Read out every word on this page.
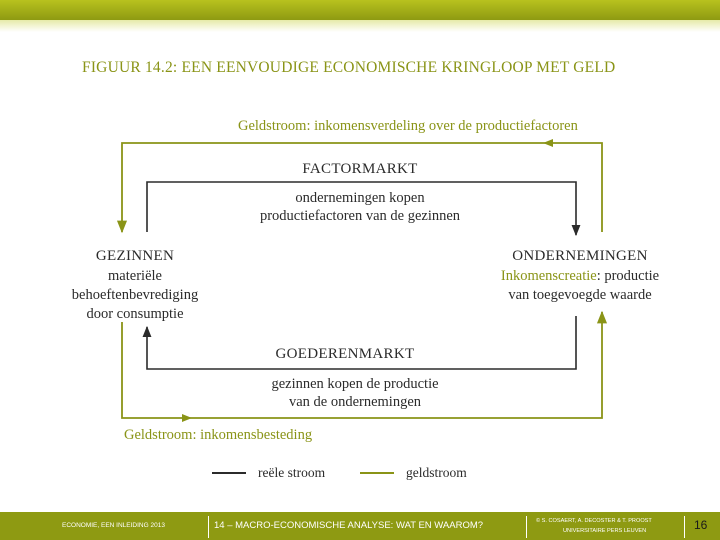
FIGUUR 14.2: EEN EENVOUDIGE ECONOMISCHE KRINGLOOP MET GELD
Geldstroom: inkomensverdeling over de productiefactoren
FACTORMARKT
ondernemingen kopen
productiefactoren van de gezinnen
GEZINNEN
materiële
behoeftenbevrediging
door consumptie
ONDERNEMINGEN
Inkomenscreatie: productie
van toegevoegde waarde
GOEDERENMARKT
gezinnen kopen de productie
van de ondernemingen
Geldstroom: inkomensbesteding
reële stroom	geldstroom
ECONOMIE, EEN INLEIDING 2013	14 – MACRO-ECONOMISCHE ANALYSE: WAT EN WAAROM?	© S. COSAERT, A. DECOSTER & T. PROOST
UNIVERSITAIRE PERS LEUVEN	16
